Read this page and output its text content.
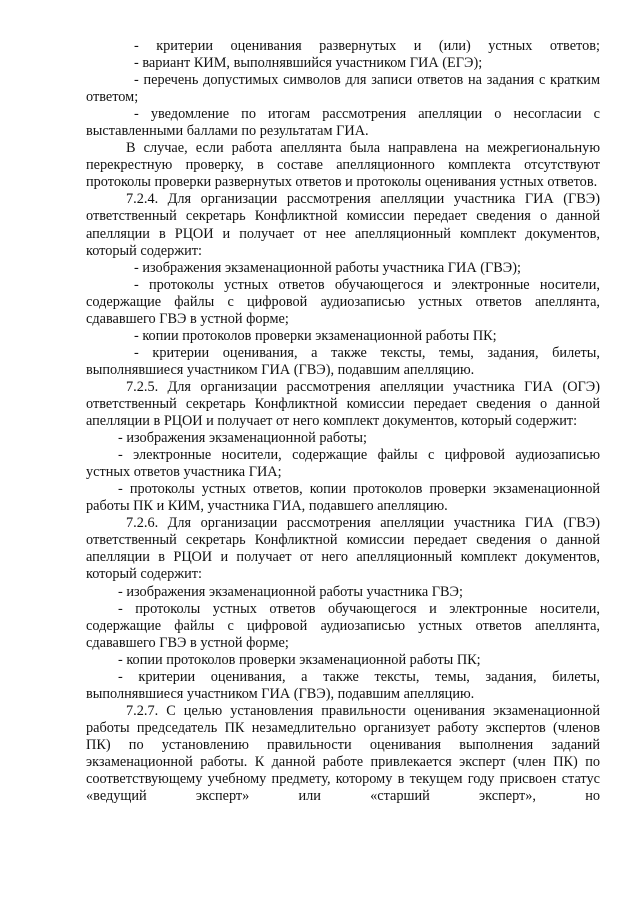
- критерии оценивания развернутых и (или) устных ответов;

- вариант КИМ, выполнявшийся участником ГИА (ЕГЭ);

- перечень допустимых символов для записи ответов на задания с кратким ответом;

- уведомление по итогам рассмотрения апелляции о несогласии с выставленными баллами по результатам ГИА.

В случае, если работа апеллянта была направлена на межрегиональную перекрестную проверку, в составе апелляционного комплекта отсутствуют протоколы проверки развернутых ответов и протоколы оценивания устных ответов.

7.2.4. Для организации рассмотрения апелляции участника ГИА (ГВЭ) ответственный секретарь Конфликтной комиссии передает сведения о данной апелляции в РЦОИ и получает от нее апелляционный комплект документов, который содержит:

- изображения экзаменационной работы участника ГИА (ГВЭ);

- протоколы устных ответов обучающегося и электронные носители, содержащие файлы с цифровой аудиозаписью устных ответов апеллянта, сдававшего ГВЭ в устной форме;

- копии протоколов проверки экзаменационной работы ПК;

- критерии оценивания, а также тексты, темы, задания, билеты, выполнявшиеся участником ГИА (ГВЭ), подавшим апелляцию.

7.2.5. Для организации рассмотрения апелляции участника ГИА (ОГЭ) ответственный секретарь Конфликтной комиссии передает сведения о данной апелляции в РЦОИ и получает от него комплект документов, который содержит:

- изображения экзаменационной работы;

- электронные носители, содержащие файлы с цифровой аудиозаписью устных ответов участника ГИА;

- протоколы устных ответов, копии протоколов проверки экзаменационной работы ПК и КИМ, участника ГИА, подавшего апелляцию.

7.2.6. Для организации рассмотрения апелляции участника ГИА (ГВЭ) ответственный секретарь Конфликтной комиссии передает сведения о данной апелляции в РЦОИ и получает от него апелляционный комплект документов, который содержит:

- изображения экзаменационной работы участника ГВЭ;

- протоколы устных ответов обучающегося и электронные носители, содержащие файлы с цифровой аудиозаписью устных ответов апеллянта, сдававшего ГВЭ в устной форме;

- копии протоколов проверки экзаменационной работы ПК;

- критерии оценивания, а также тексты, темы, задания, билеты, выполнявшиеся участником ГИА (ГВЭ), подавшим апелляцию.

7.2.7. С целью установления правильности оценивания экзаменационной работы председатель ПК незамедлительно организует работу экспертов (членов ПК) по установлению правильности оценивания выполнения заданий экзаменационной работы. К данной работе привлекается эксперт (член ПК) по соответствующему учебному предмету, которому в текущем году присвоен статус «ведущий эксперт» или «старший эксперт», но
